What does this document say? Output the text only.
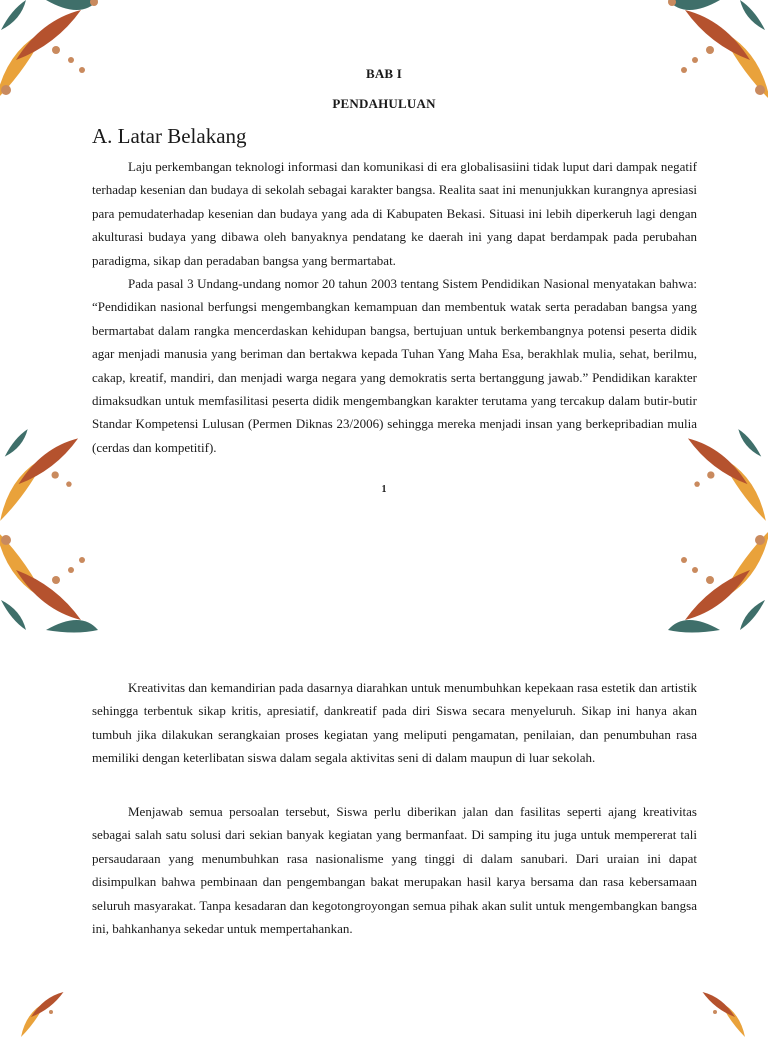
BAB I
PENDAHULUAN
A. Latar Belakang

Laju perkembangan teknologi informasi dan komunikasi di era globalisasiini tidak luput dari dampak negatif terhadap kesenian dan budaya di sekolah sebagai karakter bangsa. Realita saat ini menunjukkan kurangnya apresiasi para pemudaterhadap kesenian dan budaya yang ada di Kabupaten Bekasi. Situasi ini lebih diperkeruh lagi dengan akulturasi budaya yang dibawa oleh banyaknya pendatang ke daerah ini yang dapat berdampak pada perubahan paradigma, sikap dan peradaban bangsa yang bermartabat.

Pada pasal 3 Undang-undang nomor 20 tahun 2003 tentang Sistem Pendidikan Nasional menyatakan bahwa: “Pendidikan nasional berfungsi mengembangkan kemampuan dan membentuk watak serta peradaban bangsa yang bermartabat dalam rangka mencerdaskan kehidupan bangsa, bertujuan untuk berkembangnya potensi peserta didik agar menjadi manusia yang beriman dan bertakwa kepada Tuhan Yang Maha Esa, berakhlak mulia, sehat, berilmu, cakap, kreatif, mandiri, dan menjadi warga negara yang demokratis serta bertanggung jawab.” Pendidikan karakter dimaksudkan untuk memfasilitasi peserta didik mengembangkan karakter terutama yang tercakup dalam butir-butir Standar Kompetensi Lulusan (Permen Diknas 23/2006) sehingga mereka menjadi insan yang berkepribadian mulia (cerdas dan kompetitif).

1

Kreativitas dan kemandirian pada dasarnya diarahkan untuk menumbuhkan kepekaan rasa estetik dan artistik sehingga terbentuk sikap kritis, apresiatif, dankreatif pada diri Siswa secara menyeluruh. Sikap ini hanya akan tumbuh jika dilakukan serangkaian proses kegiatan yang meliputi pengamatan, penilaian, dan penumbuhan rasa memiliki dengan keterlibatan siswa dalam segala aktivitas seni di dalam maupun di luar sekolah.

Menjawab semua persoalan tersebut, Siswa perlu diberikan jalan dan fasilitas seperti ajang kreativitas sebagai salah satu solusi dari sekian banyak kegiatan yang bermanfaat. Di samping itu juga untuk mempererat tali persaudaraan yang menumbuhkan rasa nasionalisme yang tinggi di dalam sanubari. Dari uraian ini dapat disimpulkan bahwa pembinaan dan pengembangan bakat merupakan hasil karya bersama dan rasa kebersamaan seluruh masyarakat. Tanpa kesadaran dan kegotongroyongan semua pihak akan sulit untuk mengembangkan bangsa ini, bahkanhanya sekedar untuk mempertahankan.
